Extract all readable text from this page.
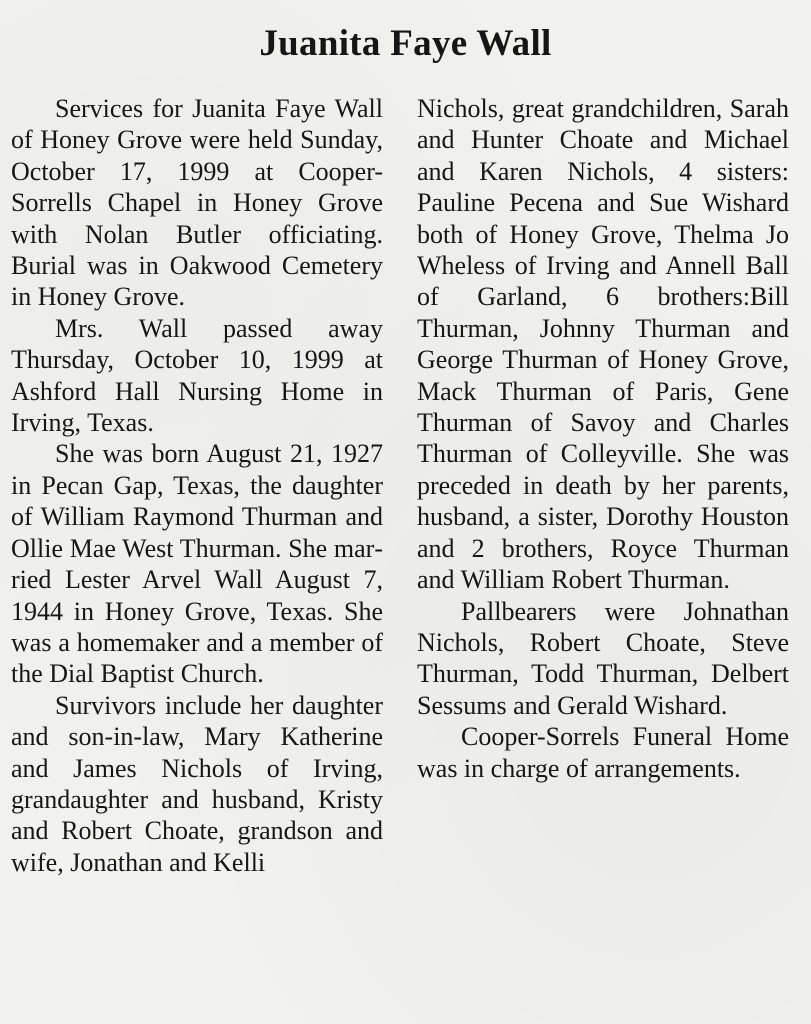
Juanita Faye Wall

Services for Juanita Faye Wall of Honey Grove were held Sunday, October 17, 1999 at Cooper-Sorrells Chapel in Honey Grove with Nolan Butler officiating. Burial was in Oakwood Cemetery in Honey Grove.

Mrs. Wall passed away Thursday, October 10, 1999 at Ashford Hall Nursing Home in Irving, Texas.

She was born August 21, 1927 in Pecan Gap, Texas, the daughter of William Raymond Thurman and Ollie Mae West Thurman. She married Lester Arvel Wall August 7, 1944 in Honey Grove, Texas. She was a homemaker and a member of the Dial Baptist Church.

Survivors include her daughter and son-in-law, Mary Katherine and James Nichols of Irving, grandaughter and husband, Kristy and Robert Choate, grandson and wife, Jonathan and Kelli

Nichols, great grandchildren, Sarah and Hunter Choate and Michael and Karen Nichols, 4 sisters: Pauline Pecena and Sue Wishard both of Honey Grove, Thelma Jo Wheless of Irving and Annell Ball of Garland, 6 brothers:Bill Thurman, Johnny Thurman and George Thurman of Honey Grove, Mack Thurman of Paris, Gene Thurman of Savoy and Charles Thurman of Colleyville. She was preceded in death by her parents, husband, a sister, Dorothy Houston and 2 brothers, Royce Thurman and William Robert Thurman.

Pallbearers were Johnathan Nichols, Robert Choate, Steve Thurman, Todd Thurman, Delbert Sessums and Gerald Wishard.

Cooper-Sorrels Funeral Home was in charge of arrangements.
